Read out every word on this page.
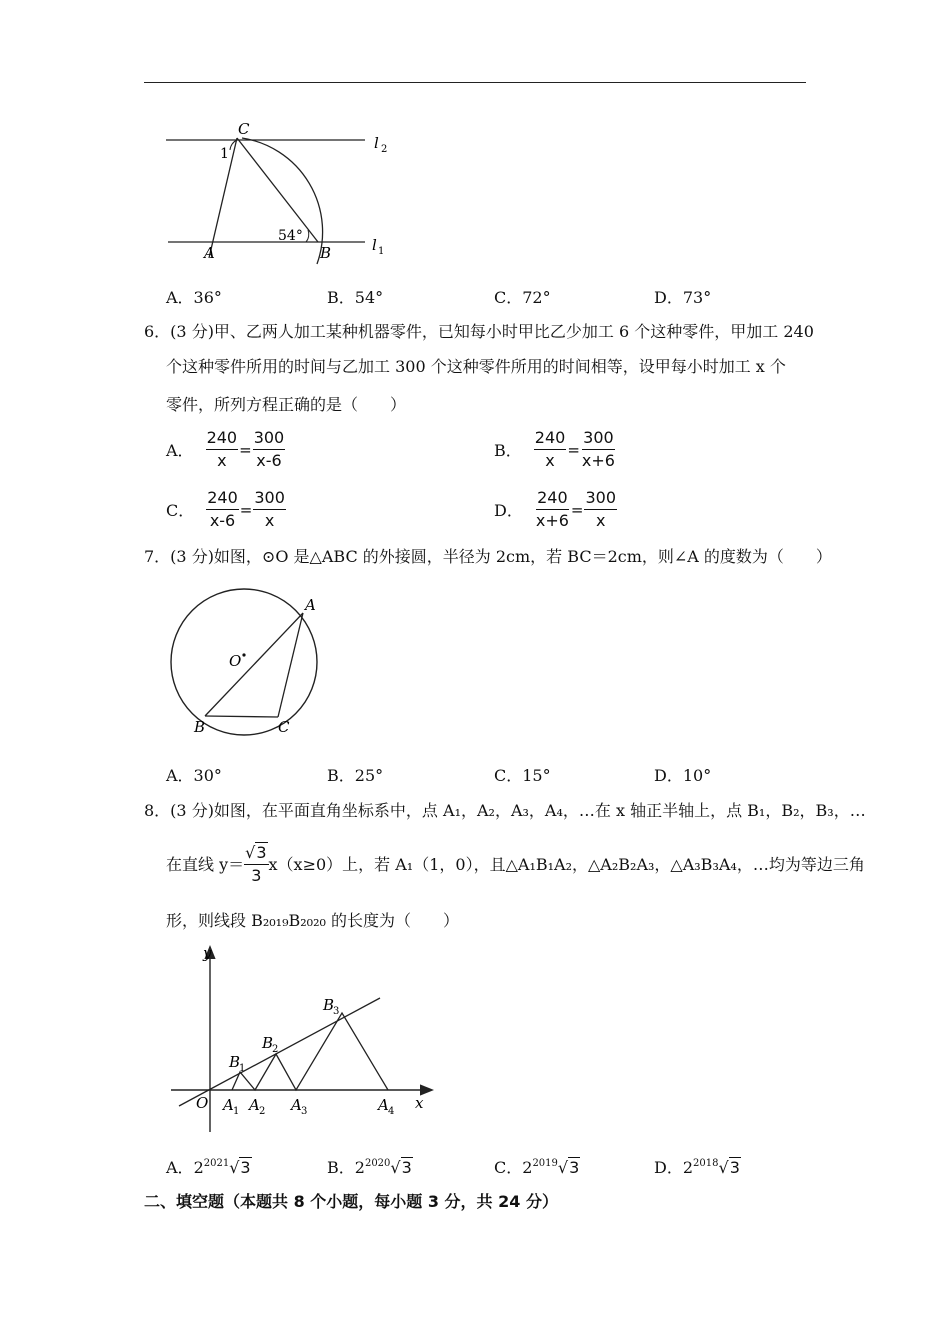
C
1
l 2
54°
A	B	l 1
A．36°	B．54°	C．72°	D．73°
6．(3 分)甲、乙两人加工某种机器零件，已知每小时甲比乙少加工 6 个这种零件，甲加工 240
个这种零件所用的时间与乙加工 300 个这种零件所用的时间相等，设甲每小时加工 x 个
零件，所列方程正确的是（　　）
A． $\frac{240}{x} = \frac{300}{x-6}$	B． $\frac{240}{x} = \frac{300}{x+6}$
C． $\frac{240}{x-6} = \frac{300}{x}$	D． $\frac{240}{x+6} = \frac{300}{x}$
7．(3 分)如图，⊙O 是△ABC 的外接圆，半径为 2cm，若 BC＝2cm，则∠A 的度数为（　　）
O
A
B	C
A．30°	B．25°	C．15°	D．10°
8．(3 分)如图，在平面直角坐标系中，点 A₁，A₂，A₃，A₄，…在 x 轴正半轴上，点 B₁，B₂，B₃，…
在直线 $y= \frac{√3}{3} x(x\ge 0)$上，若 A₁（1，0），且△A₁B₁A₂，△A₂B₂A₃，△A₃B₃A₄，…均为等边三角
形，则线段 B₂₀₁₉B₂₀₂₀ 的长度为（　　）
y
x
O A 1 A 2 A 3	A 4
B
1
B
2
B
3
A．$2^{2021}√3$	B．$2^{2020}√3$	C．$2^{2019}√3$	D．$2^{2018}√3$
二、填空题（本题共 8 个小题，每小题 3 分，共 24 分）
